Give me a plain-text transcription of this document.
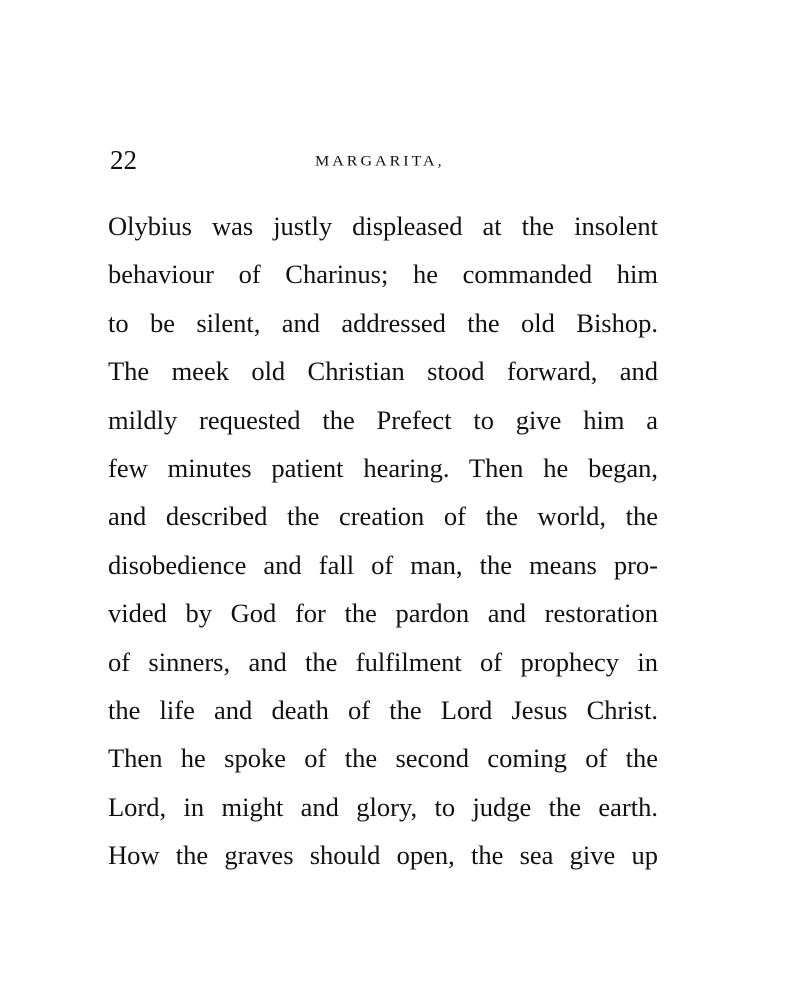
22	MARGARITA,
Olybius was justly displeased at the insolent
behaviour of Charinus; he commanded him
to be silent, and addressed the old Bishop.
The meek old Christian stood forward, and
mildly requested the Prefect to give him a
few minutes patient hearing. Then he began,
and described the creation of the world, the
disobedience and fall of man, the means pro-
vided by God for the pardon and restoration
of sinners, and the fulfilment of prophecy in
the life and death of the Lord Jesus Christ.
Then he spoke of the second coming of the
Lord, in might and glory, to judge the earth.
How the graves should open, the sea give up
